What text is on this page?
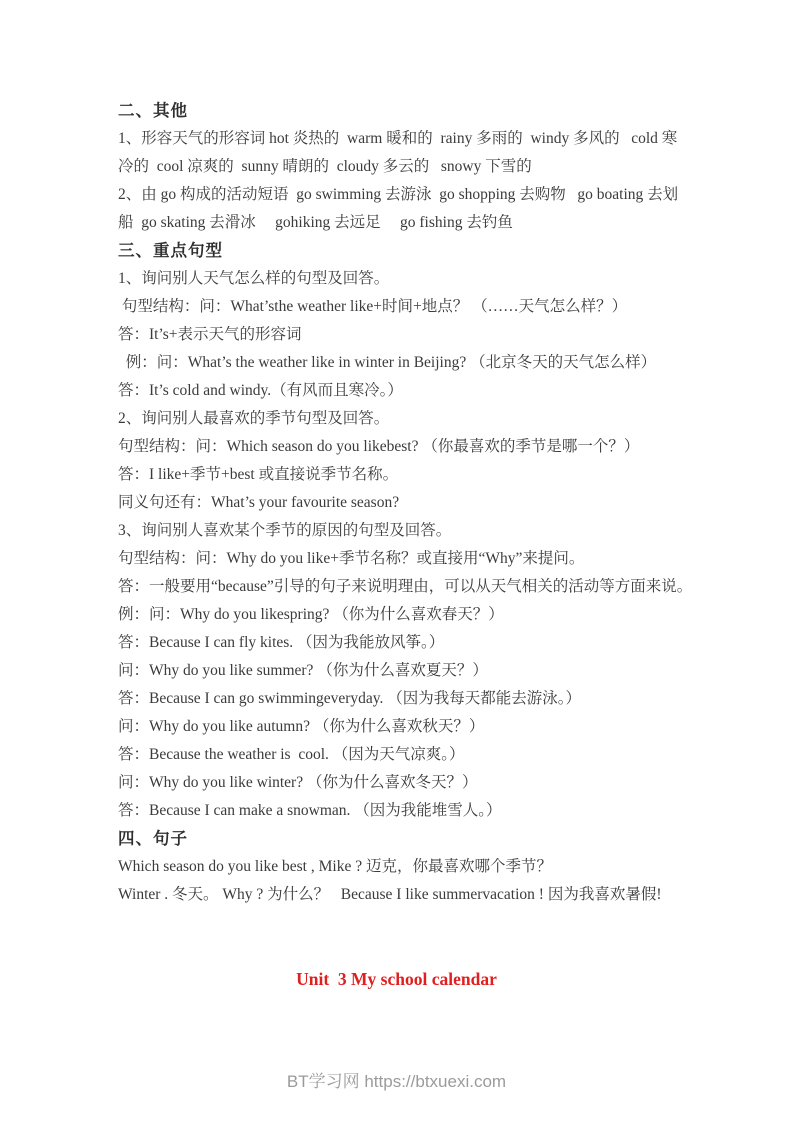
二、其他

1、形容天气的形容词 hot 炎热的  warm 暖和的  rainy 多雨的  windy 多风的   cold 寒

冷的  cool 凉爽的  sunny 晴朗的  cloudy 多云的   snowy 下雪的

2、由 go 构成的活动短语  go swimming 去游泳  go shopping 去购物   go boating 去划

船  go skating 去滑冰     gohiking 去远足     go fishing 去钓鱼

三、重点句型

1、询问别人天气怎么样的句型及回答。

句型结构：问：What’sthe weather like+时间+地点？ （……天气怎么样？）

答：It’s+表示天气的形容词

例：问：What’s the weather like in winter in Beijing? （北京冬天的天气怎么样）

答：It’s cold and windy.（有风而且寒冷。）

2、询问别人最喜欢的季节句型及回答。

句型结构：问：Which season do you likebest? （你最喜欢的季节是哪一个？）

答：I like+季节+best 或直接说季节名称。

同义句还有：What’s your favourite season?

3、询问别人喜欢某个季节的原因的句型及回答。

句型结构：问：Why do you like+季节名称？或直接用“Why”来提问。

答：一般要用“because”引导的句子来说明理由，可以从天气相关的活动等方面来说。

例：问：Why do you likespring? （你为什么喜欢春天？）

答：Because I can fly kites. （因为我能放风筝。）

问：Why do you like summer? （你为什么喜欢夏天？）

答：Because I can go swimmingeveryday. （因为我每天都能去游泳。）

问：Why do you like autumn? （你为什么喜欢秋天？）

答：Because the weather is  cool. （因为天气凉爽。）

问：Why do you like winter? （你为什么喜欢冬天？）

答：Because I can make a snowman. （因为我能堆雪人。）

四、句子

Which season do you like best , Mike ? 迈克，你最喜欢哪个季节？

Winter . 冬天。 Why ? 为什么？   Because I like summervacation ! 因为我喜欢暑假!

Unit  3 My school calendar
BT学习网 https://btxuexi.com
